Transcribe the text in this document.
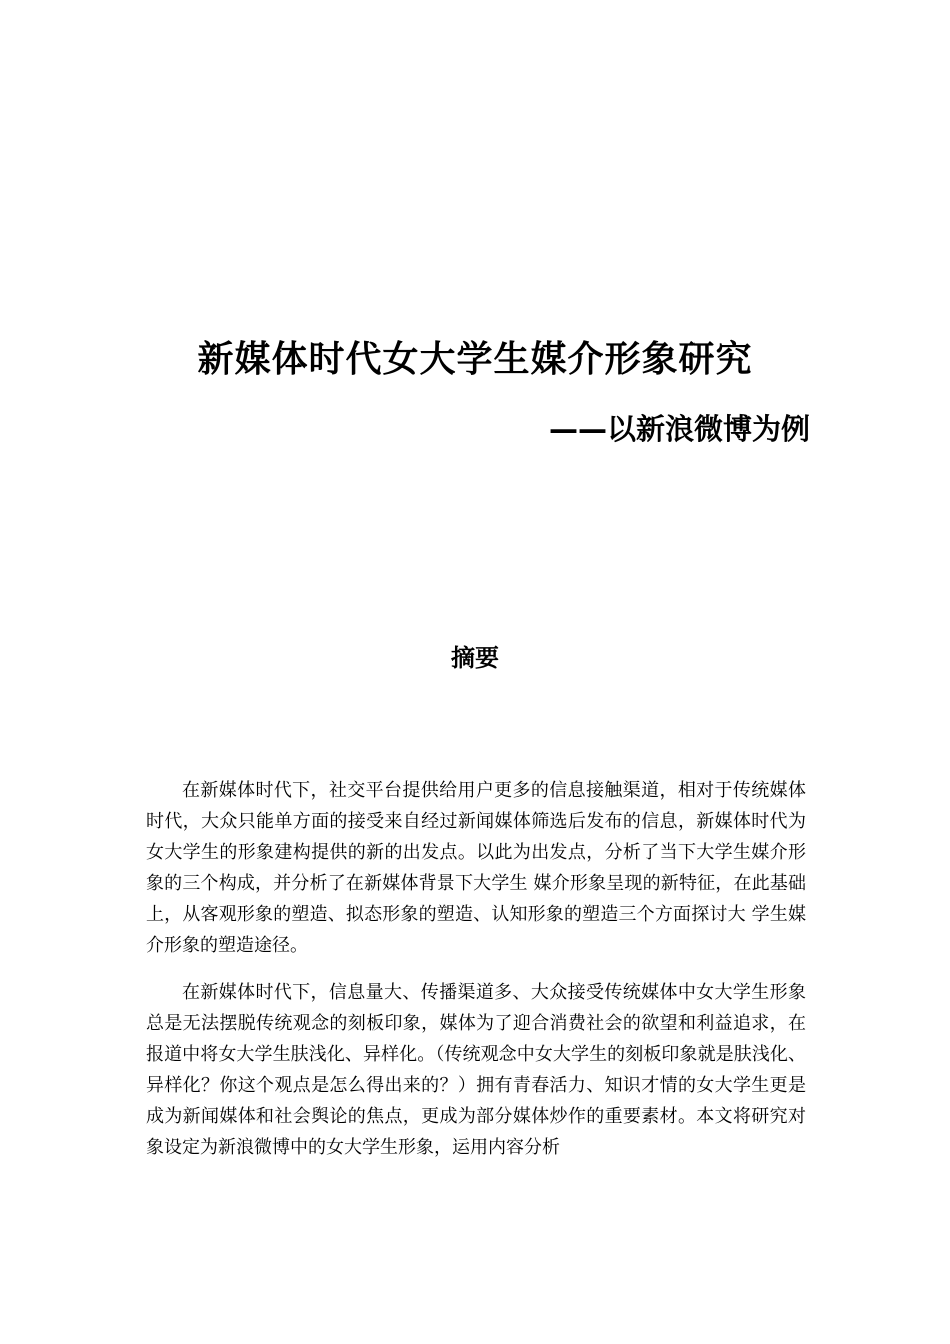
新媒体时代女大学生媒介形象研究
——以新浪微博为例
摘要

在新媒体时代下，社交平台提供给用户更多的信息接触渠道，相对于传统媒体时代，大众只能单方面的接受来自经过新闻媒体筛选后发布的信息，新媒体时代为女大学生的形象建构提供的新的出发点。以此为出发点，分析了当下大学生媒介形象的三个构成，并分析了在新媒体背景下大学生 媒介形象呈现的新特征，在此基础上，从客观形象的塑造、拟态形象的塑造、认知形象的塑造三个方面探讨大 学生媒介形象的塑造途径。

在新媒体时代下，信息量大、传播渠道多、大众接受传统媒体中女大学生形象总是无法摆脱传统观念的刻板印象，媒体为了迎合消费社会的欲望和利益追求，在报道中将女大学生肤浅化、异样化。（传统观念中女大学生的刻板印象就是肤浅化、异样化？你这个观点是怎么得出来的？）拥有青春活力、知识才情的女大学生更是成为新闻媒体和社会舆论的焦点，更成为部分媒体炒作的重要素材。本文将研究对象设定为新浪微博中的女大学生形象，运用内容分析
